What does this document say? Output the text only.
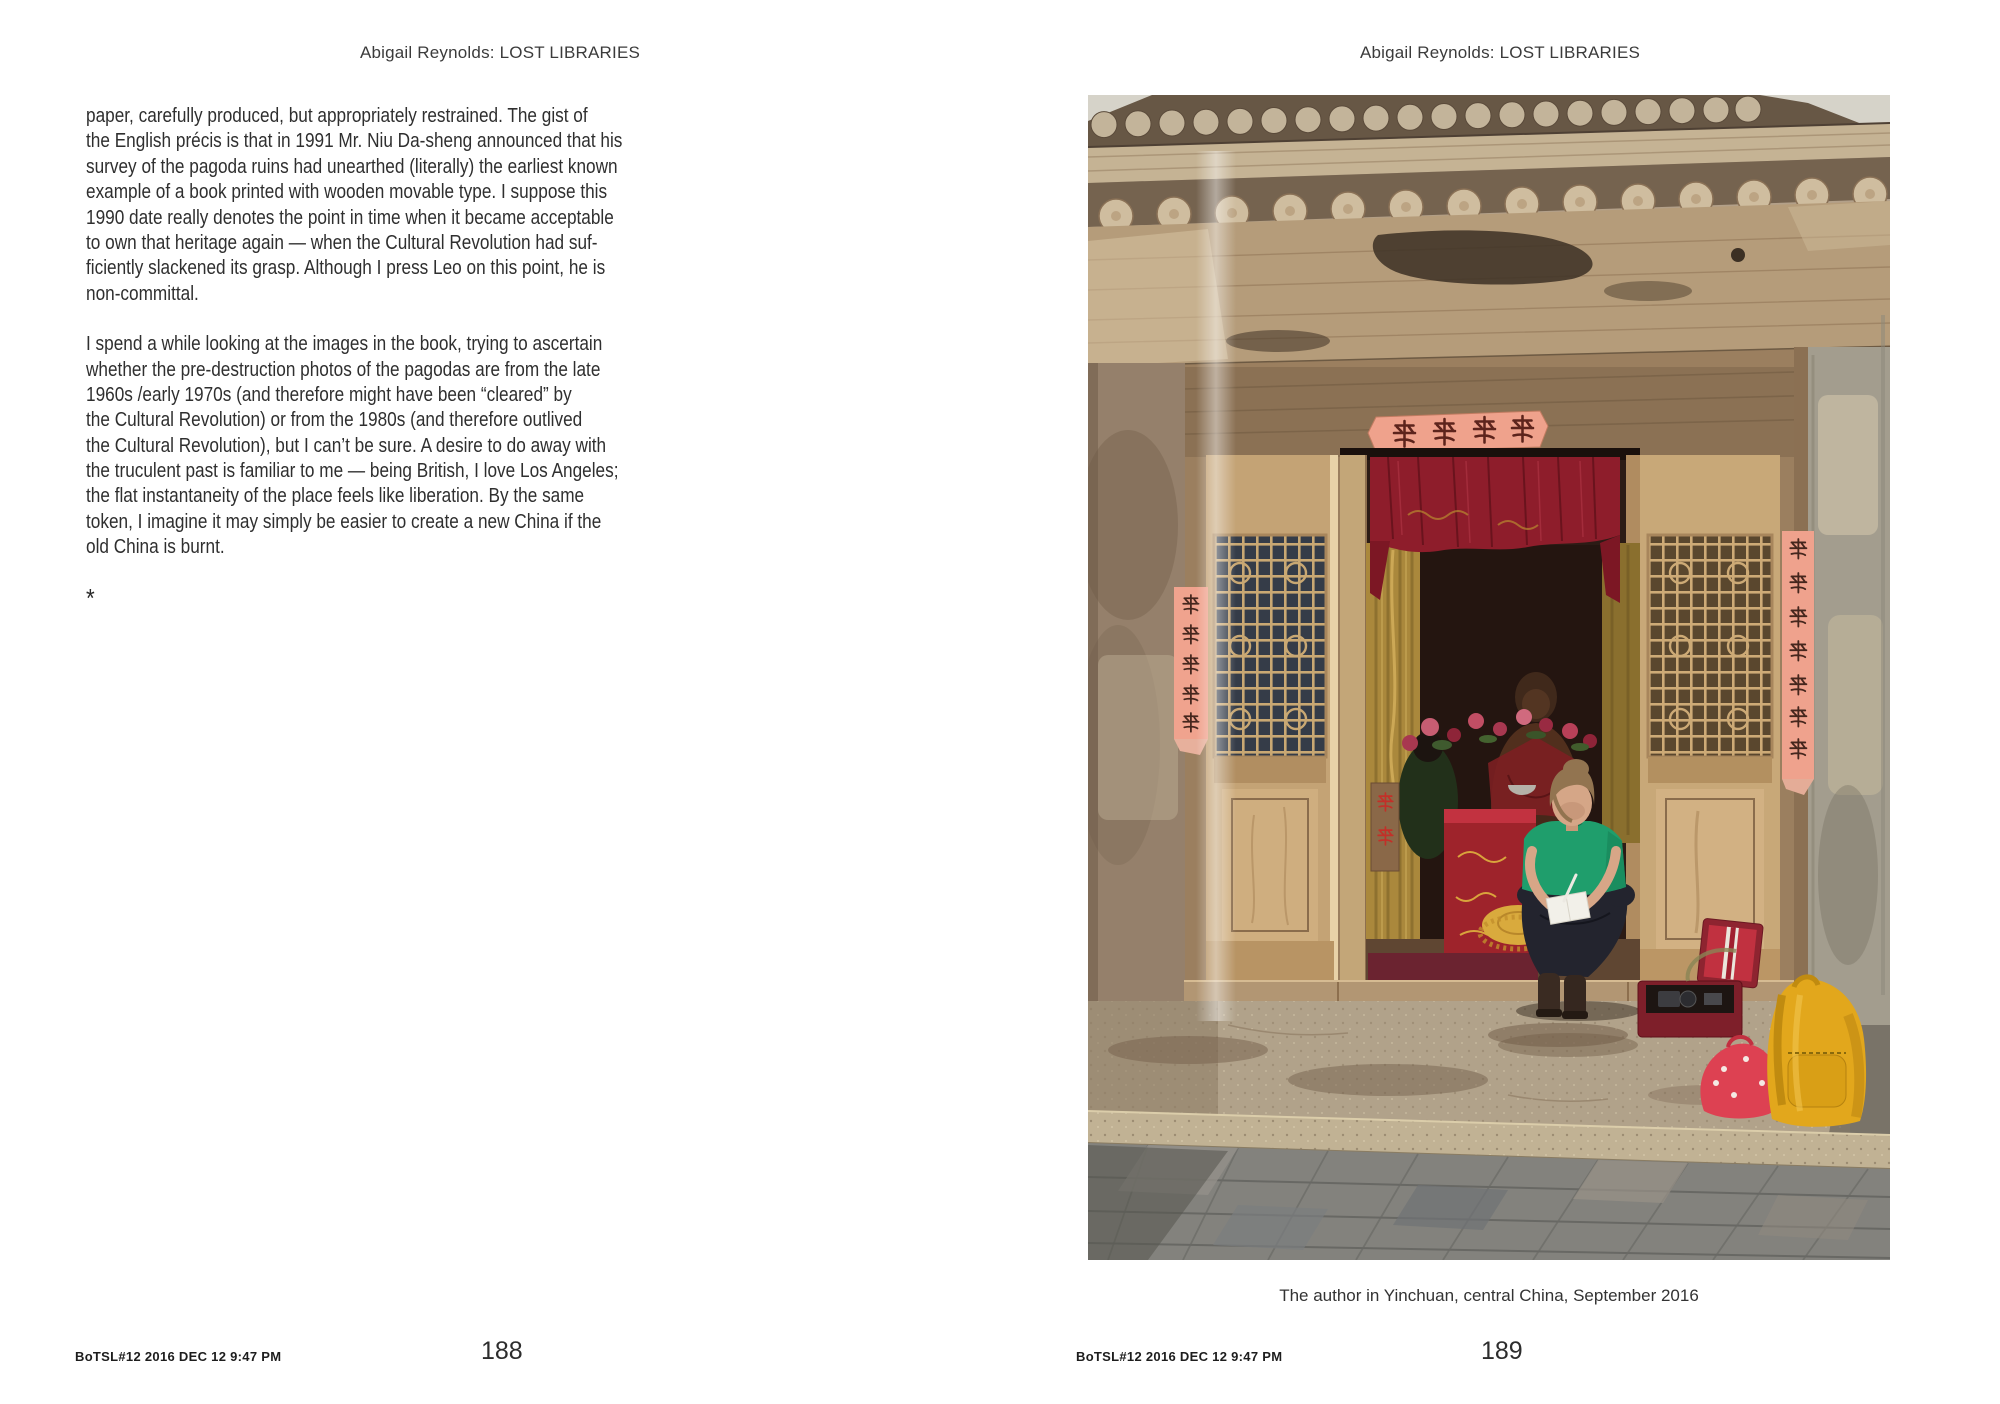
Abigail Reynolds: LOST LIBRARIES
paper, carefully produced, but appropriately restrained. The gist of
the English précis is that in 1991 Mr. Niu Da-sheng announced that his
survey of the pagoda ruins had unearthed (literally) the earliest known
example of a book printed with wooden movable type. I suppose this
1990 date really denotes the point in time when it became acceptable
to own that heritage again — when the Cultural Revolution had suf-
ficiently slackened its grasp. Although I press Leo on this point, he is
non-committal.
I spend a while looking at the images in the book, trying to ascertain
whether the pre-destruction photos of the pagodas are from the late
1960s /early 1970s (and therefore might have been “cleared” by
the Cultural Revolution) or from the 1980s (and therefore outlived
the Cultural Revolution), but I can’t be sure. A desire to do away with
the truculent past is familiar to me — being British, I love Los Angeles;
the flat instantaneity of the place feels like liberation. By the same
token, I imagine it may simply be easier to create a new China if the
old China is burnt.
*
BoTSL#12 2016 DEC 12 9:47 PM	188
Abigail Reynolds: LOST LIBRARIES
The author in Yinchuan, central China, September 2016
BoTSL#12 2016 DEC 12 9:47 PM	189
